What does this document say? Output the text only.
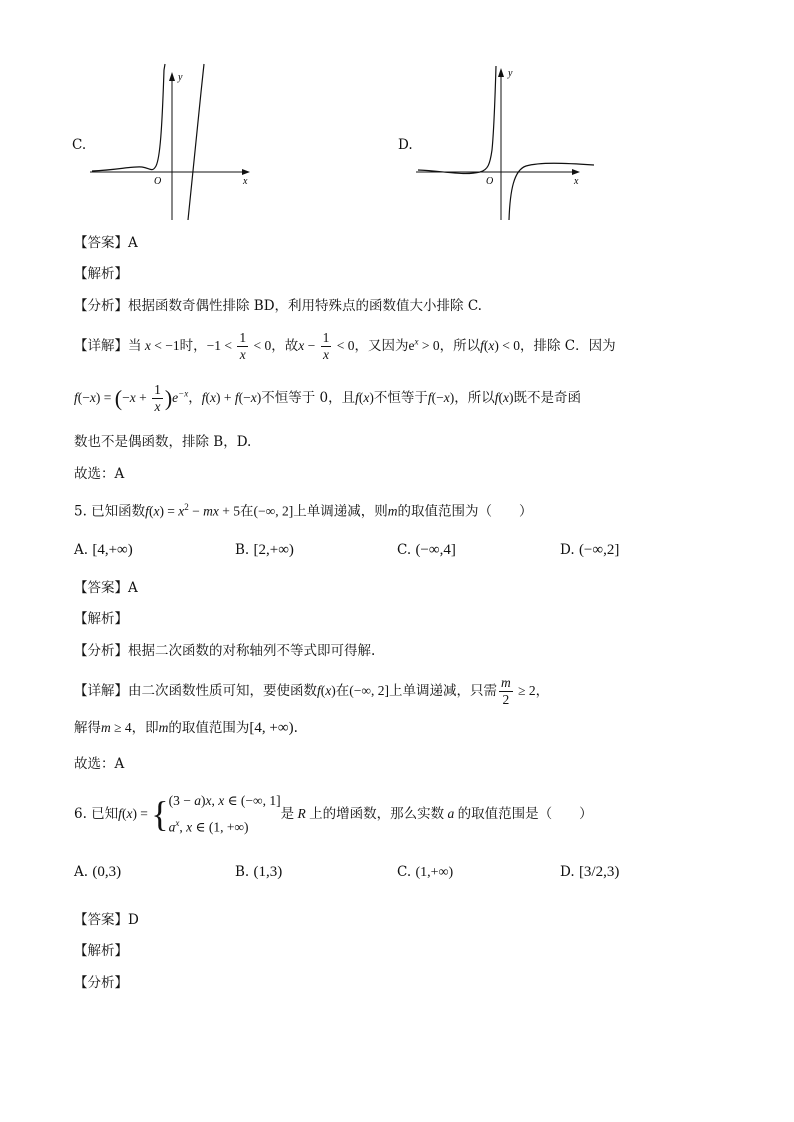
C.
y
x
O
D.
y
x
O
【答案】A
【解析】
【分析】根据函数奇偶性排除 BD，利用特殊点的函数值大小排除 C.
【详解】当 x < −1时，$-1 < \frac{1}{x} < 0$，故$x - \frac{1}{x} < 0$，又因为$e^x > 0$，所以f(x) < 0，排除 C．因为
$f(-x) = (-x + \frac{1}{x} )e^{-x}$，f(x) + f(−x)不恒等于 0，且f(x)不恒等于f(−x)，所以f(x)既不是奇函
数也不是偶函数，排除 B，D.
故选：A
5. 已知函数$f(x) = x^2$ − mx + 5在(−∞, 2]上单调递减，则m的取值范围为（　　）
A. [4,+∞)	B. [2,+∞)	C. (−∞,4]	D. (−∞,2]
【答案】A
【解析】
【分析】根据二次函数的对称轴列不等式即可得解.
【详解】由二次函数性质可知，要使函数f(x)在(−∞, 2]上单调递减，只需 $\frac{m}{2} \ge 2$，
解得m ≥ 4，即m的取值范围为[4, +∞).
故选：A
6. 已知f(x) = { (3 − a)x, x ∈ (−∞, 1]
$a^x$, x ∈ (1, +∞)
是 R 上的增函数，那么实数 a 的取值范围是（　　）
A. (0,3)	B. (1,3)	C. (1,+∞)	D. [3/2,3)
【答案】D
【解析】
【分析】
